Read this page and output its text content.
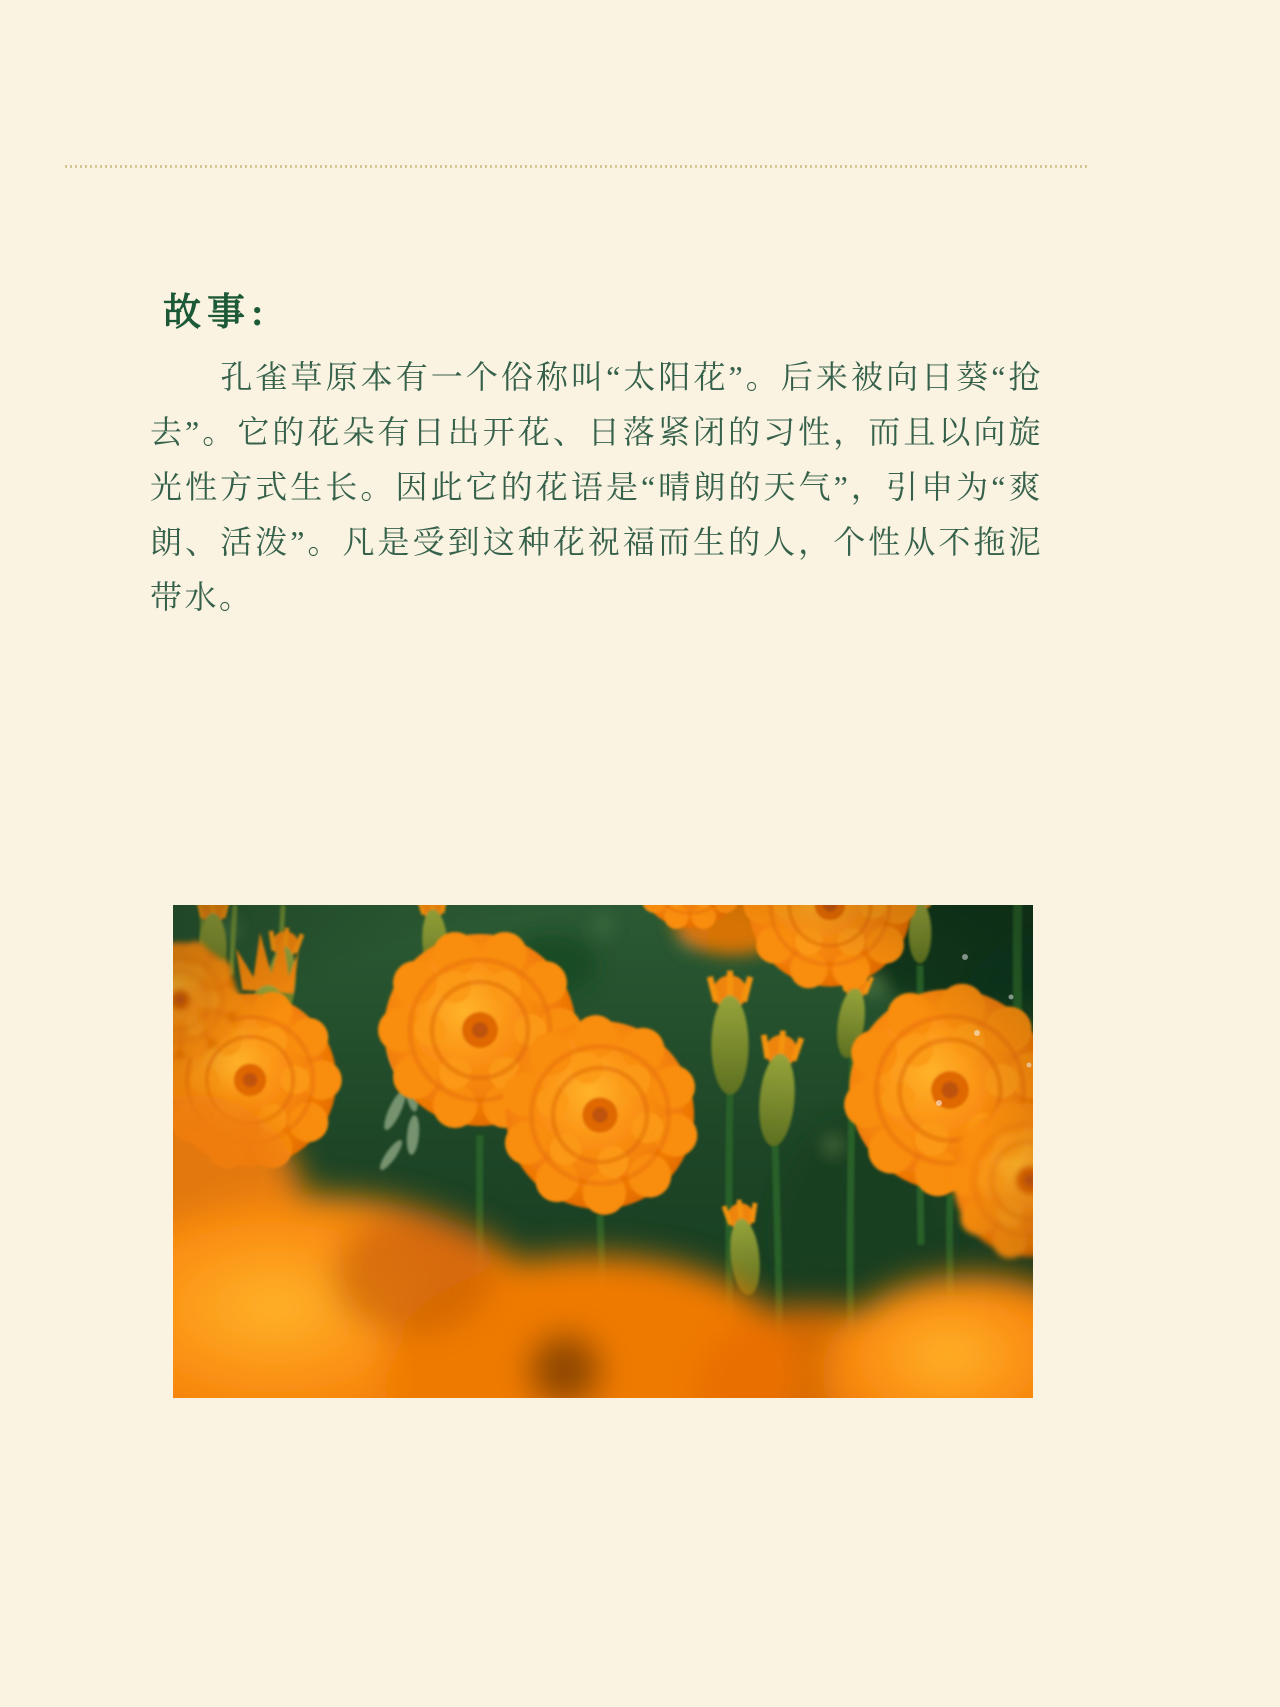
故事:

孔雀草原本有一个俗称叫“太阳花”。后来被向日葵“抢去”。它的花朵有日出开花、日落紧闭的习性，而且以向旋光性方式生长。因此它的花语是“晴朗的天气”，引申为“爽朗、活泼”。凡是受到这种花祝福而生的人，个性从不拖泥带水。
